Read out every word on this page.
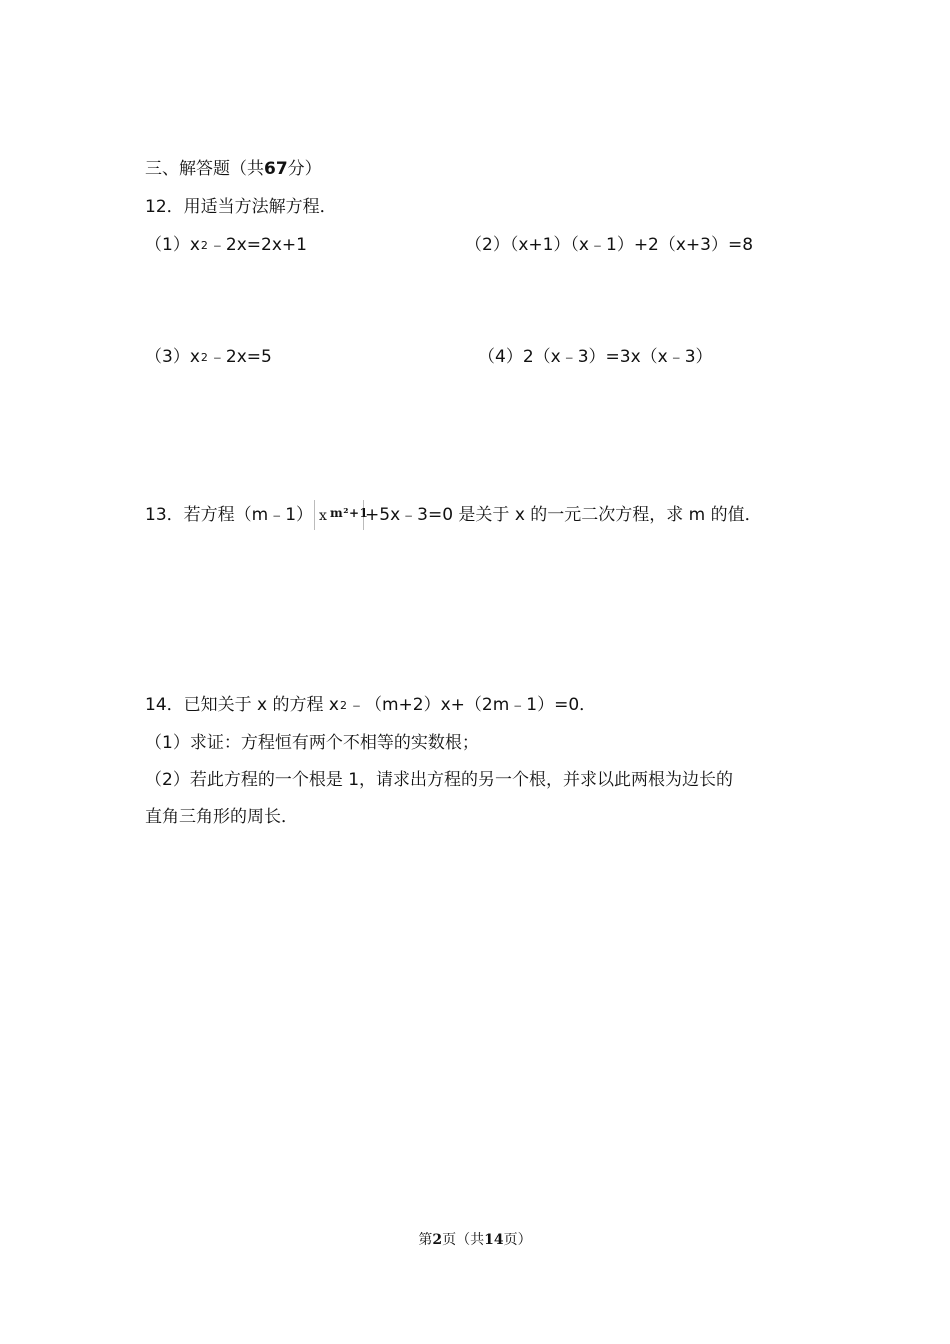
三、解答题（共67分）
12．用适当方法解方程．
（1）x2﹣2x=2x+1	（2）（x+1）（x﹣1）+2（x+3）=8
（3）x2﹣2x=5	（4）2（x﹣3）=3x（x﹣3）
13．若方程（m﹣1） x m²+1
+5x﹣3=0 是关于 x 的一元二次方程，求 m 的值．
14．已知关于 x 的方程 x2﹣（m+2）x+（2m﹣1）=0．
（1）求证：方程恒有两个不相等的实数根；
（2）若此方程的一个根是 1，请求出方程的另一个根，并求以此两根为边长的
直角三角形的周长．
第2页（共14页）
